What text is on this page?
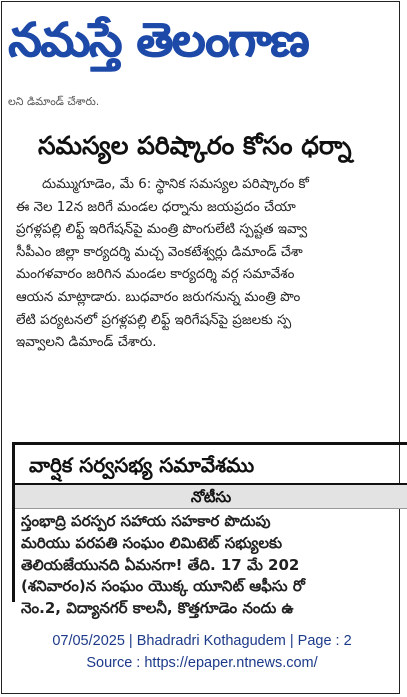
నమస్తే తెలంగాణ
లని డిమాండ్ చేశారు.
సమస్యల పరిష్కారం కోసం ధర్నా
దుమ్ముగూడెం, మే 6: స్థానిక సమస్యల పరిష్కారం కో
ఈ నెల 12న జరిగే మండల ధర్నాను జయప్రదం చేయా
ప్రగళ్లపల్లి లిఫ్ట్ ఇరిగేషన్‌పై మంత్రి పొంగులేటి స్పష్టత ఇవ్వా
సీపీఎం జిల్లా కార్యదర్శి మచ్చ వెంకటేశ్వర్లు డిమాండ్ చేశా
మంగళవారం జరిగిన మండల కార్యదర్శి వర్గ సమావేశం
ఆయన మాట్లాడారు. బుధవారం జరుగనున్న మంత్రి పొం
లేటి పర్యటనలో ప్రగళ్లపల్లి లిఫ్ట్ ఇరిగేషన్‌పై ప్రజలకు స్ప
ఇవ్వాలని డిమాండ్ చేశారు.
వార్షిక సర్వసభ్య సమావేశము
నోటీసు
స్తంభాద్రి పరస్పర సహాయ సహకార పొదుపు
మరియు పరపతి సంఘం లిమిటెట్ సభ్యులకు
తెలియజేయునది ఏమనగా! తేది. 17 మే 202
(శనివారం)న సంఘం యొక్క యూనిట్ ఆఫీసు రో
నెం.2, విద్యానగర్ కాలనీ, కొత్తగూడెం నందు ఉ
07/05/2025 | Bhadradri Kothagudem | Page : 2
Source : https://epaper.ntnews.com/
